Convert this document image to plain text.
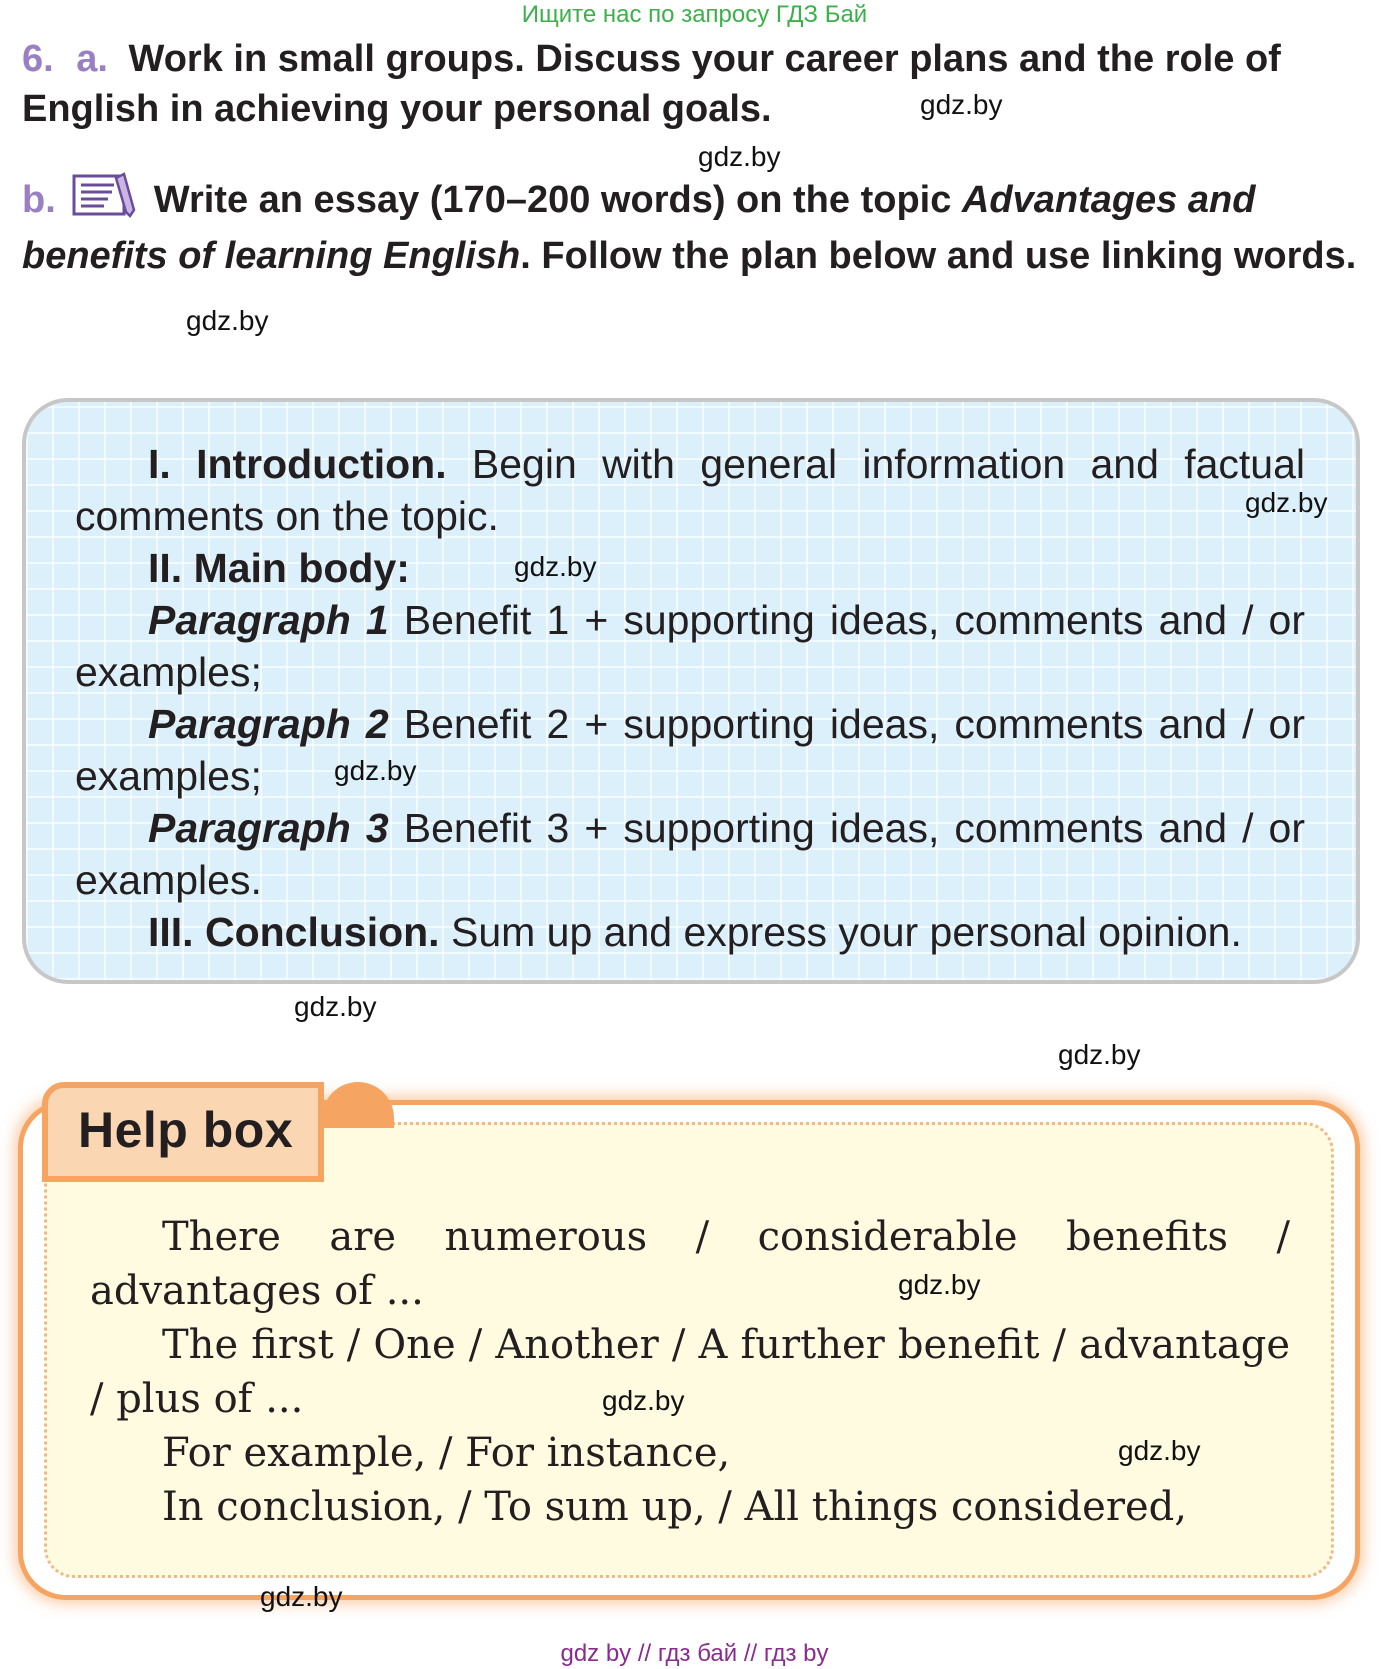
Ищите нас по запросу ГДЗ Бай
6. a. Work in small groups. Discuss your career plans and the role of English in achieving your personal goals.
b.	Write an essay (170–200 words) on the topic Advantages and benefits of learning English. Follow the plan below and use linking words.
gdz.by
gdz.by
gdz.by

I. Introduction. Begin with general information and factual comments on the topic.

II. Main body:

Paragraph 1 Benefit 1 + supporting ideas, comments and / or examples;

Paragraph 2 Benefit 2 + supporting ideas, comments and / or examples;

Paragraph 3 Benefit 3 + supporting ideas, comments and / or examples.

III. Conclusion. Sum up and express your personal opinion.

gdz.by
gdz.by
gdz.by
gdz.by
gdz.by
Help box

There are numerous / considerable benefits / advantages of ...

The first / One / Another / A further benefit / advantage / plus of ...

For example, / For instance,

In conclusion, / To sum up, / All things considered,

gdz.by
gdz.by
gdz.by
gdz.by
gdz by // гдз бай // гдз by
